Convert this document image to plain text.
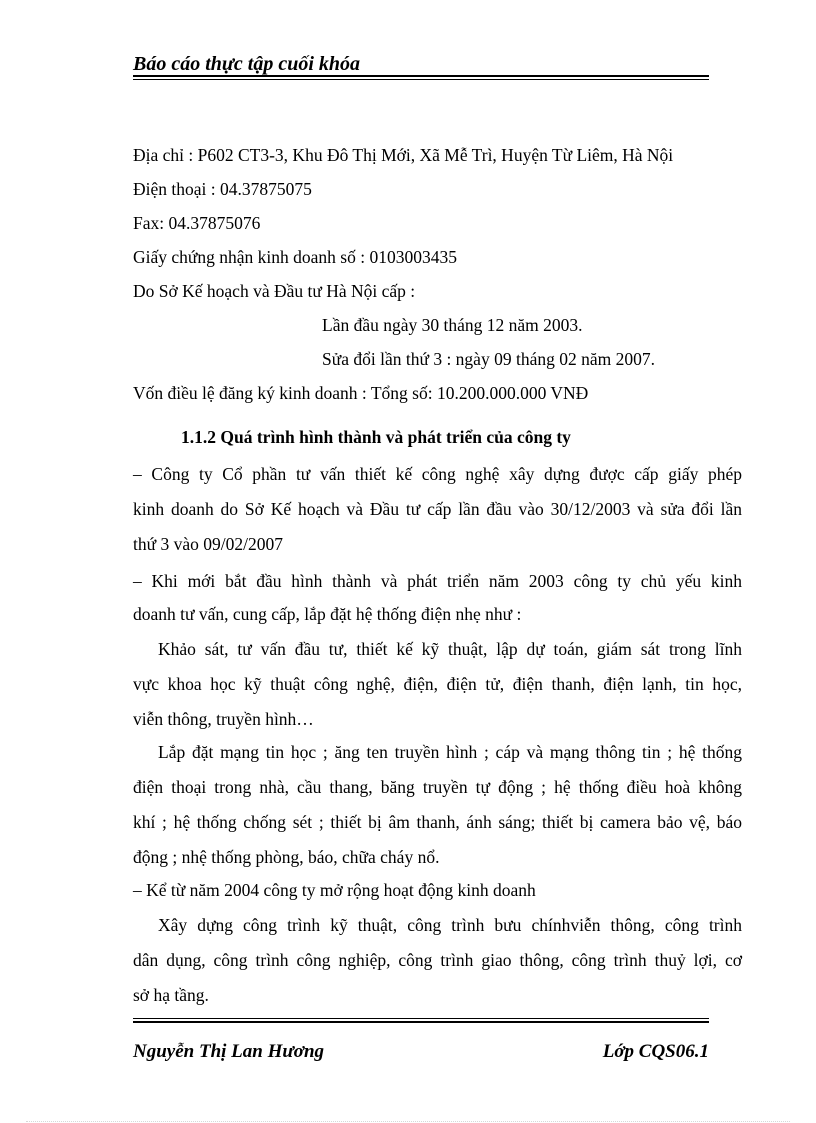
Báo cáo thực tập cuối khóa
Địa chỉ : P602 CT3-3, Khu Đô Thị Mới, Xã Mễ Trì, Huyện Từ Liêm, Hà Nội
Điện thoại : 04.37875075
Fax: 04.37875076
Giấy chứng nhận kinh doanh số : 0103003435
Do Sở Kế hoạch và Đầu tư Hà Nội cấp :
Lần đầu ngày 30 tháng 12 năm 2003.
Sửa đổi lần thứ 3 : ngày 09 tháng 02 năm 2007.
Vốn điều lệ đăng ký kinh doanh : Tổng số: 10.200.000.000 VNĐ
1.1.2 Quá trình hình thành và phát triển của công ty
– Công ty Cổ phần tư vấn thiết kế công nghệ xây dựng được cấp giấy phép
kinh doanh do Sở Kế hoạch và Đầu tư cấp lần đầu vào 30/12/2003 và sửa đổi lần
thứ 3 vào 09/02/2007
– Khi mới bắt đầu hình thành và phát triển năm 2003 công ty chủ yếu kinh
doanh tư vấn, cung cấp, lắp đặt hệ thống điện nhẹ như :
Khảo sát, tư vấn đầu tư, thiết kế kỹ thuật, lập dự toán, giám sát trong lĩnh
vực khoa học kỹ thuật công nghệ, điện, điện tử, điện thanh, điện lạnh, tin học,
viễn thông, truyền hình…
Lắp đặt mạng tin học ; ăng ten truyền hình ; cáp và mạng thông tin ; hệ thống
điện thoại trong nhà, cầu thang, băng truyền tự động ; hệ thống điều hoà không
khí ; hệ thống chống sét ; thiết bị âm thanh, ánh sáng; thiết bị camera bảo vệ, báo
động ; nhệ thống phòng, báo, chữa cháy nổ.
– Kể từ năm 2004 công ty mở rộng hoạt động kinh doanh
Xây dựng công trình kỹ thuật, công trình bưu chínhviễn thông, công trình
dân dụng, công trình công nghiệp, công trình giao thông, công trình thuỷ lợi, cơ
sở hạ tầng.
Nguyễn Thị Lan Hương	Lớp CQS06.1
